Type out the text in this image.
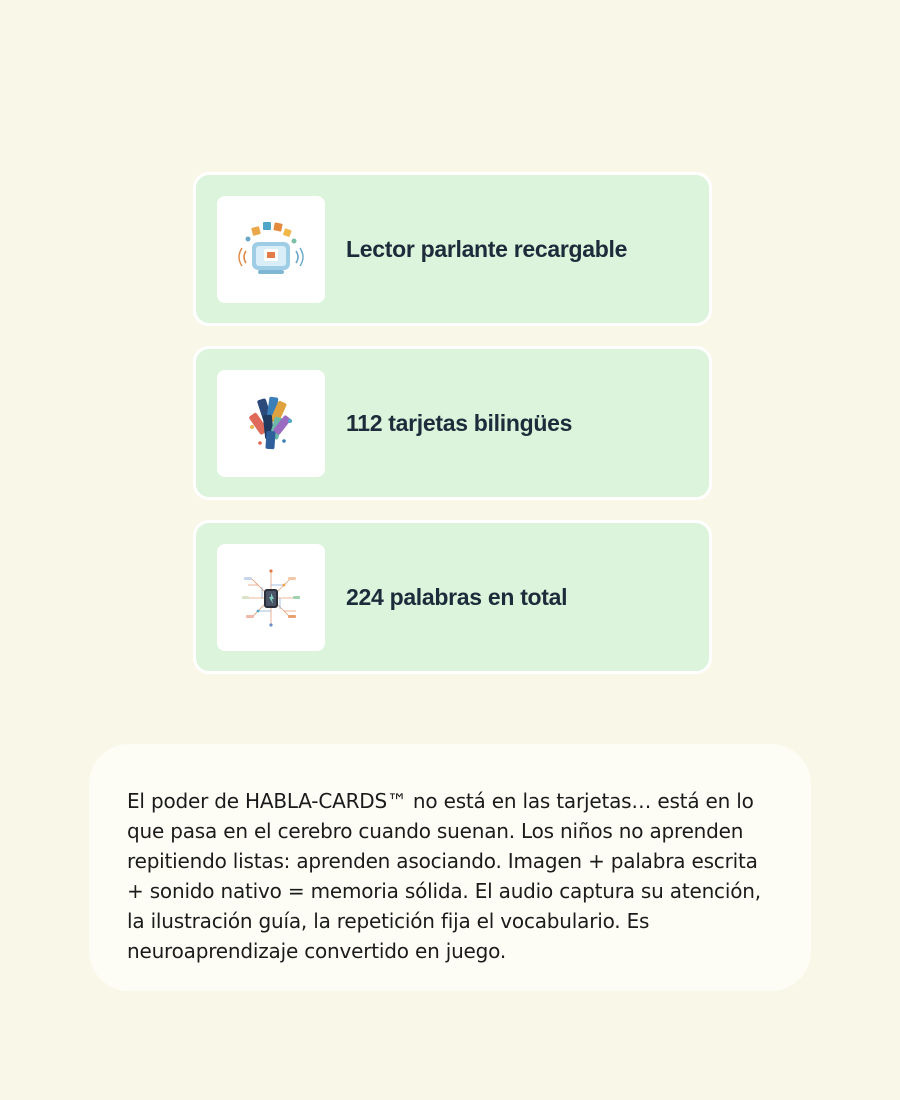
Lector parlante recargable
112 tarjetas bilingües
224 palabras en total

El poder de HABLA-CARDS™ no está en las tarjetas… está en lo que pasa en el cerebro cuando suenan. Los niños no aprenden repitiendo listas: aprenden asociando. Imagen + palabra escrita + sonido nativo = memoria sólida. El audio captura su atención, la ilustración guía, la repetición fija el vocabulario. Es neuroaprendizaje convertido en juego.
